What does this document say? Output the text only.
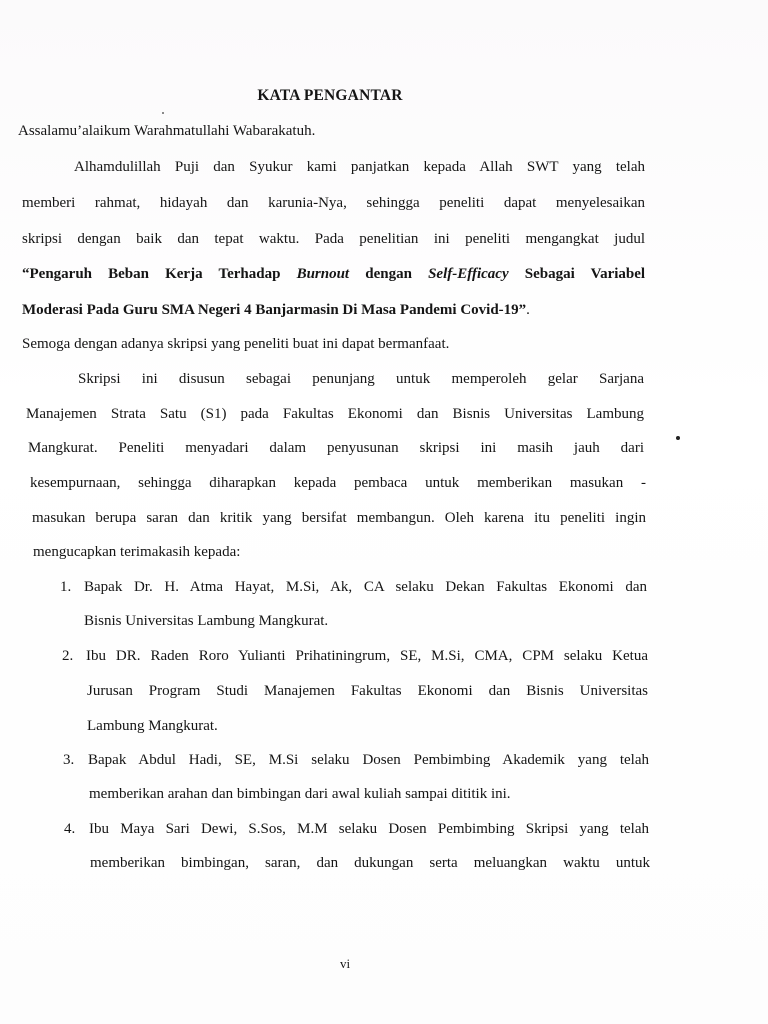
KATA PENGANTAR
Assalamu’alaikum Warahmatullahi Wabarakatuh.
Alhamdulillah Puji dan Syukur kami panjatkan kepada Allah SWT yang telah
memberi rahmat, hidayah dan karunia-Nya, sehingga peneliti dapat menyelesaikan
skripsi dengan baik dan tepat waktu. Pada penelitian ini peneliti mengangkat judul
“Pengaruh Beban Kerja Terhadap Burnout dengan Self-Efficacy Sebagai Variabel
Moderasi Pada Guru SMA Negeri 4 Banjarmasin Di Masa Pandemi Covid-19”.
Semoga dengan adanya skripsi yang peneliti buat ini dapat bermanfaat.
Skripsi ini disusun sebagai penunjang untuk memperoleh gelar Sarjana
Manajemen Strata Satu (S1) pada Fakultas Ekonomi dan Bisnis Universitas Lambung
Mangkurat. Peneliti menyadari dalam penyusunan skripsi ini masih jauh dari
kesempurnaan, sehingga diharapkan kepada pembaca untuk memberikan masukan -
masukan berupa saran dan kritik yang bersifat membangun. Oleh karena itu peneliti ingin
mengucapkan terimakasih kepada:
1. Bapak Dr. H. Atma Hayat, M.Si, Ak, CA selaku Dekan Fakultas Ekonomi dan
Bisnis Universitas Lambung Mangkurat.
2. Ibu DR. Raden Roro Yulianti Prihatiningrum, SE, M.Si, CMA, CPM selaku Ketua
Jurusan Program Studi Manajemen Fakultas Ekonomi dan Bisnis Universitas
Lambung Mangkurat.
3. Bapak Abdul Hadi, SE, M.Si selaku Dosen Pembimbing Akademik yang telah
memberikan arahan dan bimbingan dari awal kuliah sampai dititik ini.
4. Ibu Maya Sari Dewi, S.Sos, M.M selaku Dosen Pembimbing Skripsi yang telah
memberikan bimbingan, saran, dan dukungan serta meluangkan waktu untuk
vi
